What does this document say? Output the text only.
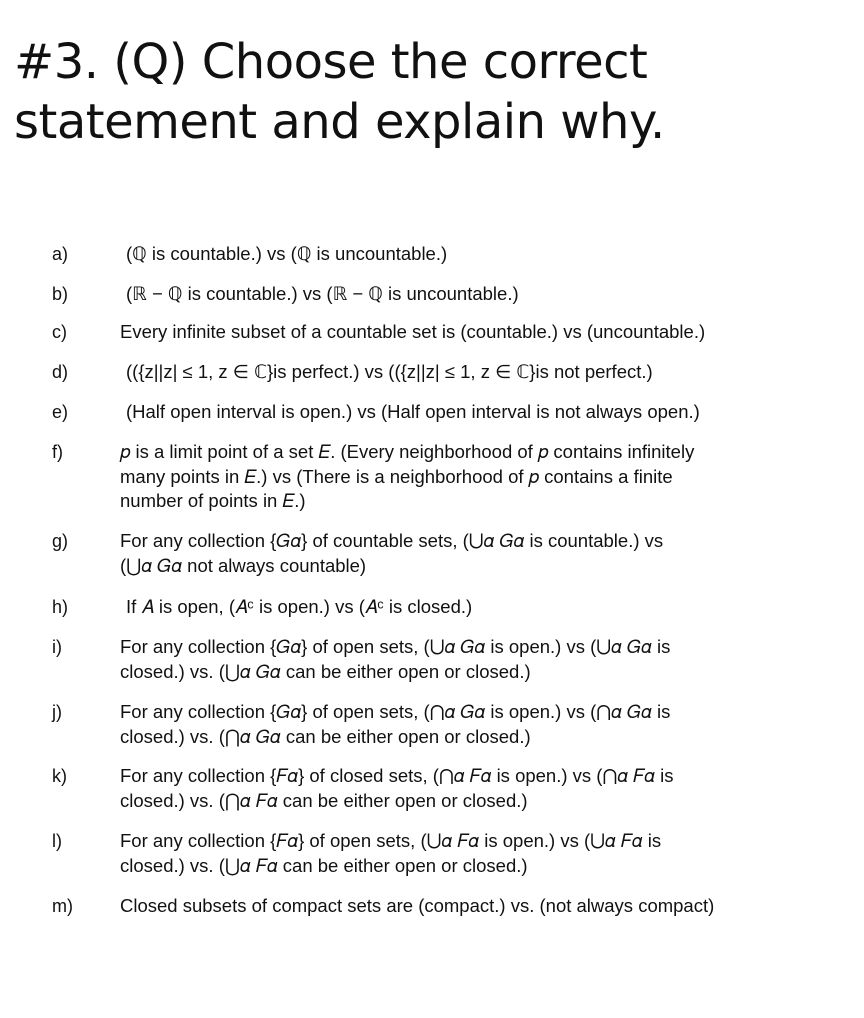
#3. (Q) Choose the correct
statement and explain why.
a)	(ℚ is countable.) vs (ℚ is uncountable.)
b)	(ℝ − ℚ is countable.) vs (ℝ − ℚ is uncountable.)
c)	Every infinite subset of a countable set is (countable.) vs (uncountable.)
d)	(({z||z| ≤ 1, z ∈ ℂ}is perfect.) vs (({z||z| ≤ 1, z ∈ ℂ}is not perfect.)
e)	(Half open interval is open.) vs (Half open interval is not always open.)
f)	𝑝 is a limit point of a set 𝐸. (Every neighborhood of 𝑝 contains infinitely
many points in 𝐸.) vs (There is a neighborhood of 𝑝 contains a finite
number of points in 𝐸.)
g)	For any collection {𝐺𝛼} of countable sets, (⋃𝛼 𝐺𝛼 is countable.) vs
(⋃𝛼 𝐺𝛼 not always countable)
h)	If 𝐴 is open, (𝐴ᶜ is open.) vs (𝐴ᶜ is closed.)
i)	For any collection {𝐺𝛼} of open sets, (⋃𝛼 𝐺𝛼 is open.) vs (⋃𝛼 𝐺𝛼 is
closed.) vs. (⋃𝛼 𝐺𝛼 can be either open or closed.)
j)	For any collection {𝐺𝛼} of open sets, (⋂𝛼 𝐺𝛼 is open.) vs (⋂𝛼 𝐺𝛼 is
closed.) vs. (⋂𝛼 𝐺𝛼 can be either open or closed.)
k)	For any collection {𝐹𝛼} of closed sets, (⋂𝛼 𝐹𝛼 is open.) vs (⋂𝛼 𝐹𝛼 is
closed.) vs. (⋂𝛼 𝐹𝛼 can be either open or closed.)
l)	For any collection {𝐹𝛼} of open sets, (⋃𝛼 𝐹𝛼 is open.) vs (⋃𝛼 𝐹𝛼 is
closed.) vs. (⋃𝛼 𝐹𝛼 can be either open or closed.)
m)	Closed subsets of compact sets are (compact.) vs. (not always compact)
